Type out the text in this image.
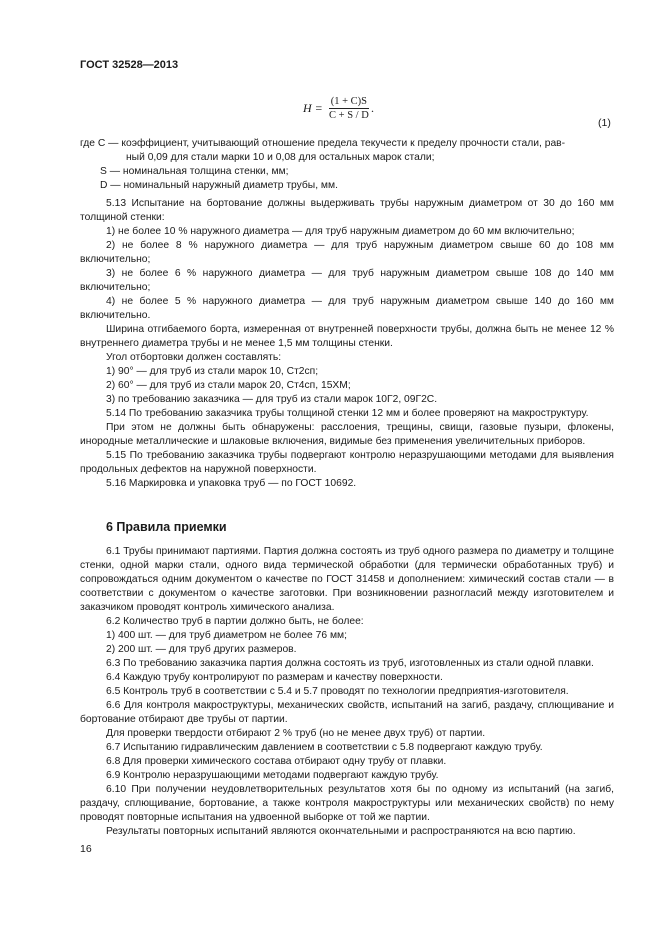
ГОСТ 32528—2013
$H = \frac{(1 + C)S}{C + S / D}$ .
(1)

где C — коэффициент, учитывающий отношение предела текучести к пределу прочности стали, рав-

ный 0,09 для стали марки 10 и 0,08 для остальных марок стали;

S — номинальная толщина стенки, мм;

D — номинальный наружный диаметр трубы, мм.

5.13 Испытание на бортование должны выдерживать трубы наружным диаметром от 30 до 160 мм толщиной стенки:

1) не более 10 % наружного диаметра — для труб наружным диаметром до 60 мм включительно;

2) не более 8 % наружного диаметра — для труб наружным диаметром свыше 60 до 108 мм включительно;

3) не более 6 % наружного диаметра — для труб наружным диаметром свыше 108 до 140 мм включительно;

4) не более 5 % наружного диаметра — для труб наружным диаметром свыше 140 до 160 мм включительно.

Ширина отгибаемого борта, измеренная от внутренней поверхности трубы, должна быть не менее 12 % внутреннего диаметра трубы и не менее 1,5 мм толщины стенки.

Угол отбортовки должен составлять:

1) 90° — для труб из стали марок 10, Ст2сп;

2) 60° — для труб из стали марок 20, Ст4сп, 15ХМ;

3) по требованию заказчика — для труб из стали марок 10Г2, 09Г2С.

5.14 По требованию заказчика трубы толщиной стенки 12 мм и более проверяют на макроструктуру.

При этом не должны быть обнаружены: расслоения, трещины, свищи, газовые пузыри, флокены, инородные металлические и шлаковые включения, видимые без применения увеличительных приборов.

5.15 По требованию заказчика трубы подвергают контролю неразрушающими методами для выявления продольных дефектов на наружной поверхности.

5.16 Маркировка и упаковка труб — по ГОСТ 10692.

6 Правила приемки

6.1 Трубы принимают партиями. Партия должна состоять из труб одного размера по диаметру и толщине стенки, одной марки стали, одного вида термической обработки (для термически обработанных труб) и сопровождаться одним документом о качестве по ГОСТ 31458 и дополнением: химический состав стали — в соответствии с документом о качестве заготовки. При возникновении разногласий между изготовителем и заказчиком проводят контроль химического анализа.

6.2 Количество труб в партии должно быть, не более:

1) 400 шт. — для труб диаметром не более 76 мм;

2) 200 шт. — для труб других размеров.

6.3 По требованию заказчика партия должна состоять из труб, изготовленных из стали одной плавки.

6.4 Каждую трубу контролируют по размерам и качеству поверхности.

6.5 Контроль труб в соответствии с 5.4 и 5.7 проводят по технологии предприятия-изготовителя.

6.6 Для контроля макроструктуры, механических свойств, испытаний на загиб, раздачу, сплющивание и бортование отбирают две трубы от партии.

Для проверки твердости отбирают 2 % труб (но не менее двух труб) от партии.

6.7 Испытанию гидравлическим давлением в соответствии с 5.8 подвергают каждую трубу.

6.8 Для проверки химического состава отбирают одну трубу от плавки.

6.9 Контролю неразрушающими методами подвергают каждую трубу.

6.10 При получении неудовлетворительных результатов хотя бы по одному из испытаний (на загиб, раздачу, сплющивание, бортование, а также контроля макроструктуры или механических свойств) по нему проводят повторные испытания на удвоенной выборке от той же партии.

Результаты повторных испытаний являются окончательными и распространяются на всю партию.

16
